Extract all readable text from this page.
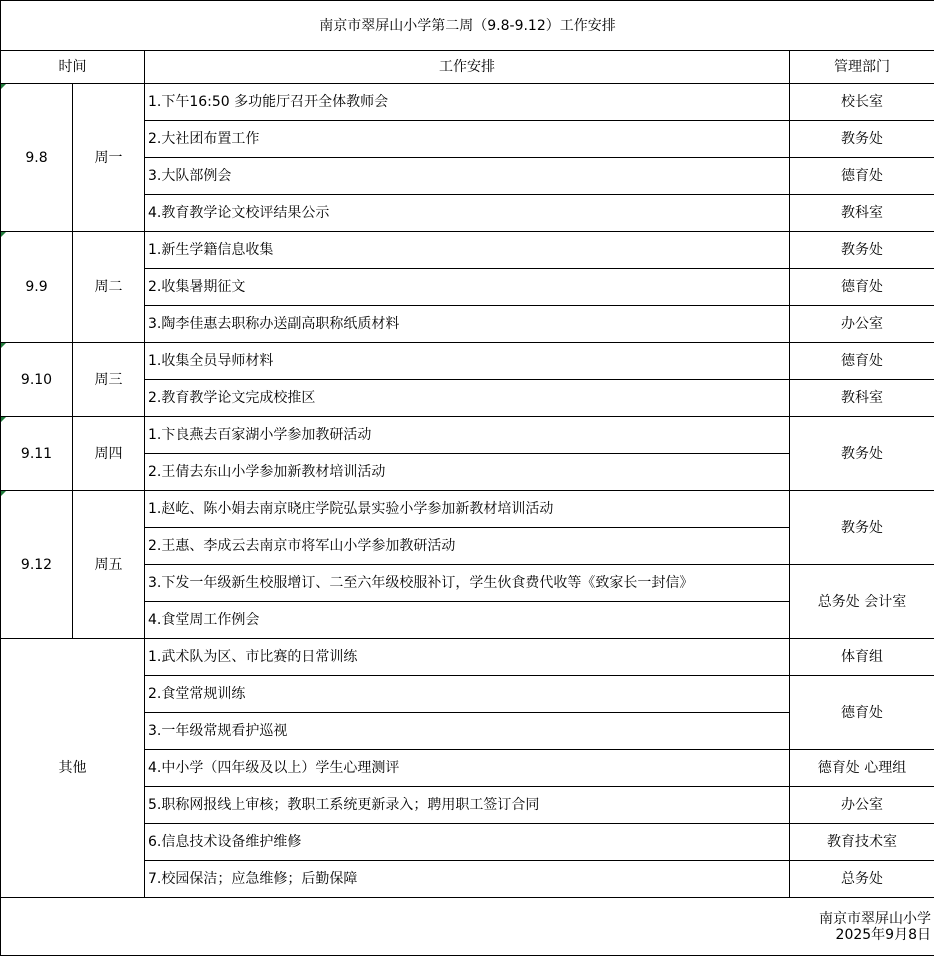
南京市翠屏山小学第二周（9.8-9.12）工作安排			
时间		工作安排	管理部门

9.8	周一	1.下午16:50 多功能厅召开全体教师会	校长室
		2.大社团布置工作	教务处
		3.大队部例会	德育处
		4.教育教学论文校评结果公示	教科室

9.9	周二	1.新生学籍信息收集	教务处
		2.收集暑期征文	德育处
		3.陶李佳惠去职称办送副高职称纸质材料	办公室

9.10	周三	1.收集全员导师材料	德育处
		2.教育教学论文完成校推区	教科室

9.11	周四	1.卞良燕去百家湖小学参加教研活动	教务处
		2.王倩去东山小学参加新教材培训活动	

9.12	周五	1.赵屹、陈小娟去南京晓庄学院弘景实验小学参加新教材培训活动	教务处
		2.王惠、李成云去南京市将军山小学参加教研活动	
		3.下发一年级新生校服增订、二至六年级校服补订，学生伙食费代收等《致家长一封信》	总务处 会计室
		4.食堂周工作例会	
其他		1.武术队为区、市比赛的日常训练	体育组
		2.食堂常规训练	德育处
		3.一年级常规看护巡视	
		4.中小学（四年级及以上）学生心理测评	德育处 心理组
		5.职称网报线上审核；教职工系统更新录入；聘用职工签订合同	办公室
		6.信息技术设备维护维修	教育技术室
		7.校园保洁；应急维修；后勤保障	总务处

南京市翠屏山小学
2025年9月8日			
